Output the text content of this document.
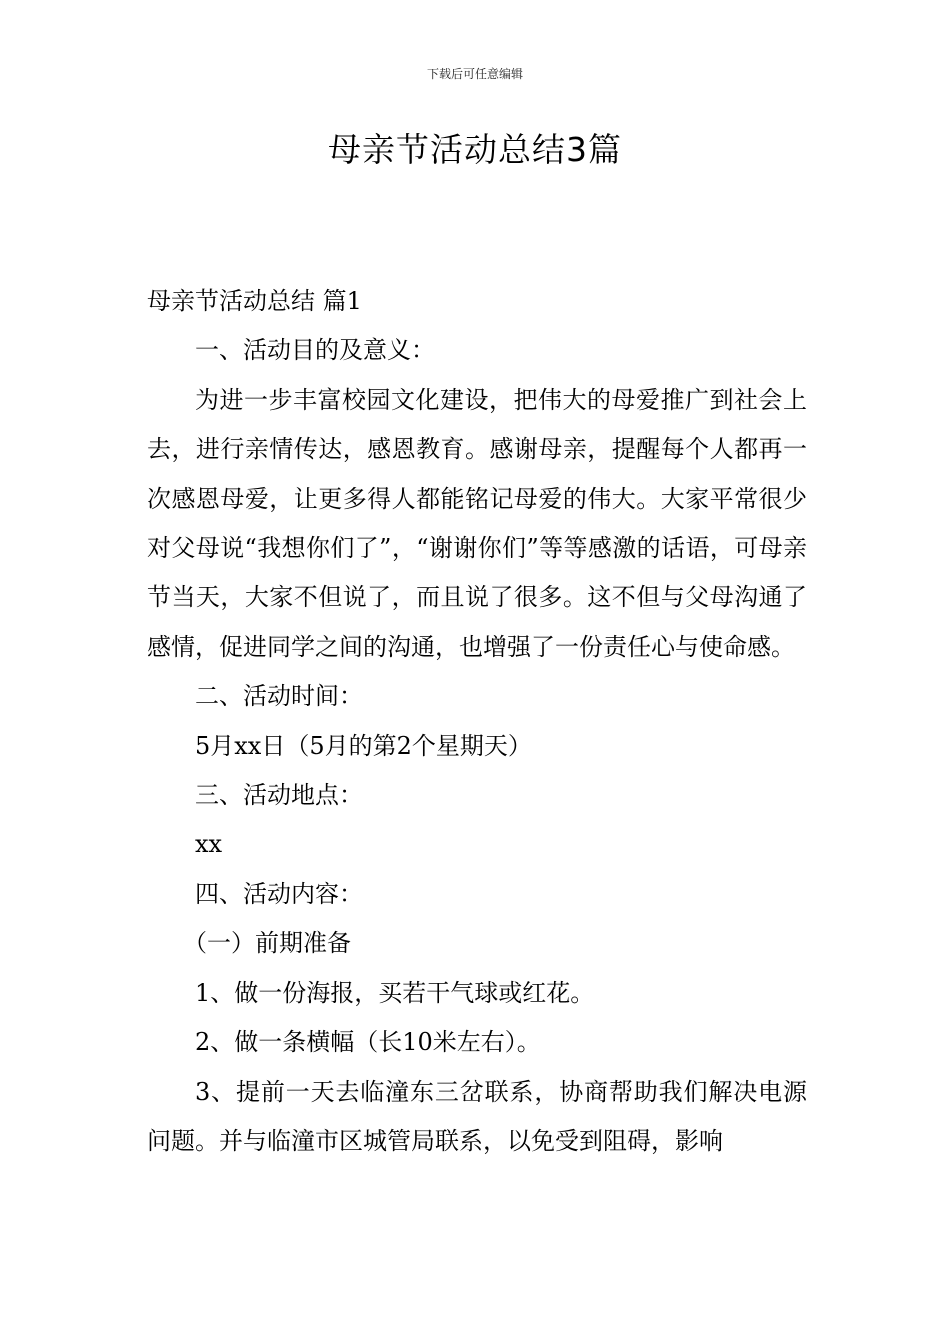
下载后可任意编辑
母亲节活动总结3篇

母亲节活动总结 篇1

一、活动目的及意义：

为进一步丰富校园文化建设，把伟大的母爱推广到社会上去，进行亲情传达，感恩教育。感谢母亲，提醒每个人都再一次感恩母爱，让更多得人都能铭记母爱的伟大。大家平常很少对父母说“我想你们了”，“谢谢你们”等等感激的话语，可母亲节当天，大家不但说了，而且说了很多。这不但与父母沟通了感情，促进同学之间的沟通，也增强了一份责任心与使命感。

二、活动时间：

5月xx日（5月的第2个星期天）

三、活动地点：

xx

四、活动内容：

（一）前期准备

1、做一份海报，买若干气球或红花。

2、做一条横幅（长10米左右）。

3、提前一天去临潼东三岔联系，协商帮助我们解决电源问题。并与临潼市区城管局联系，以免受到阻碍，影响
